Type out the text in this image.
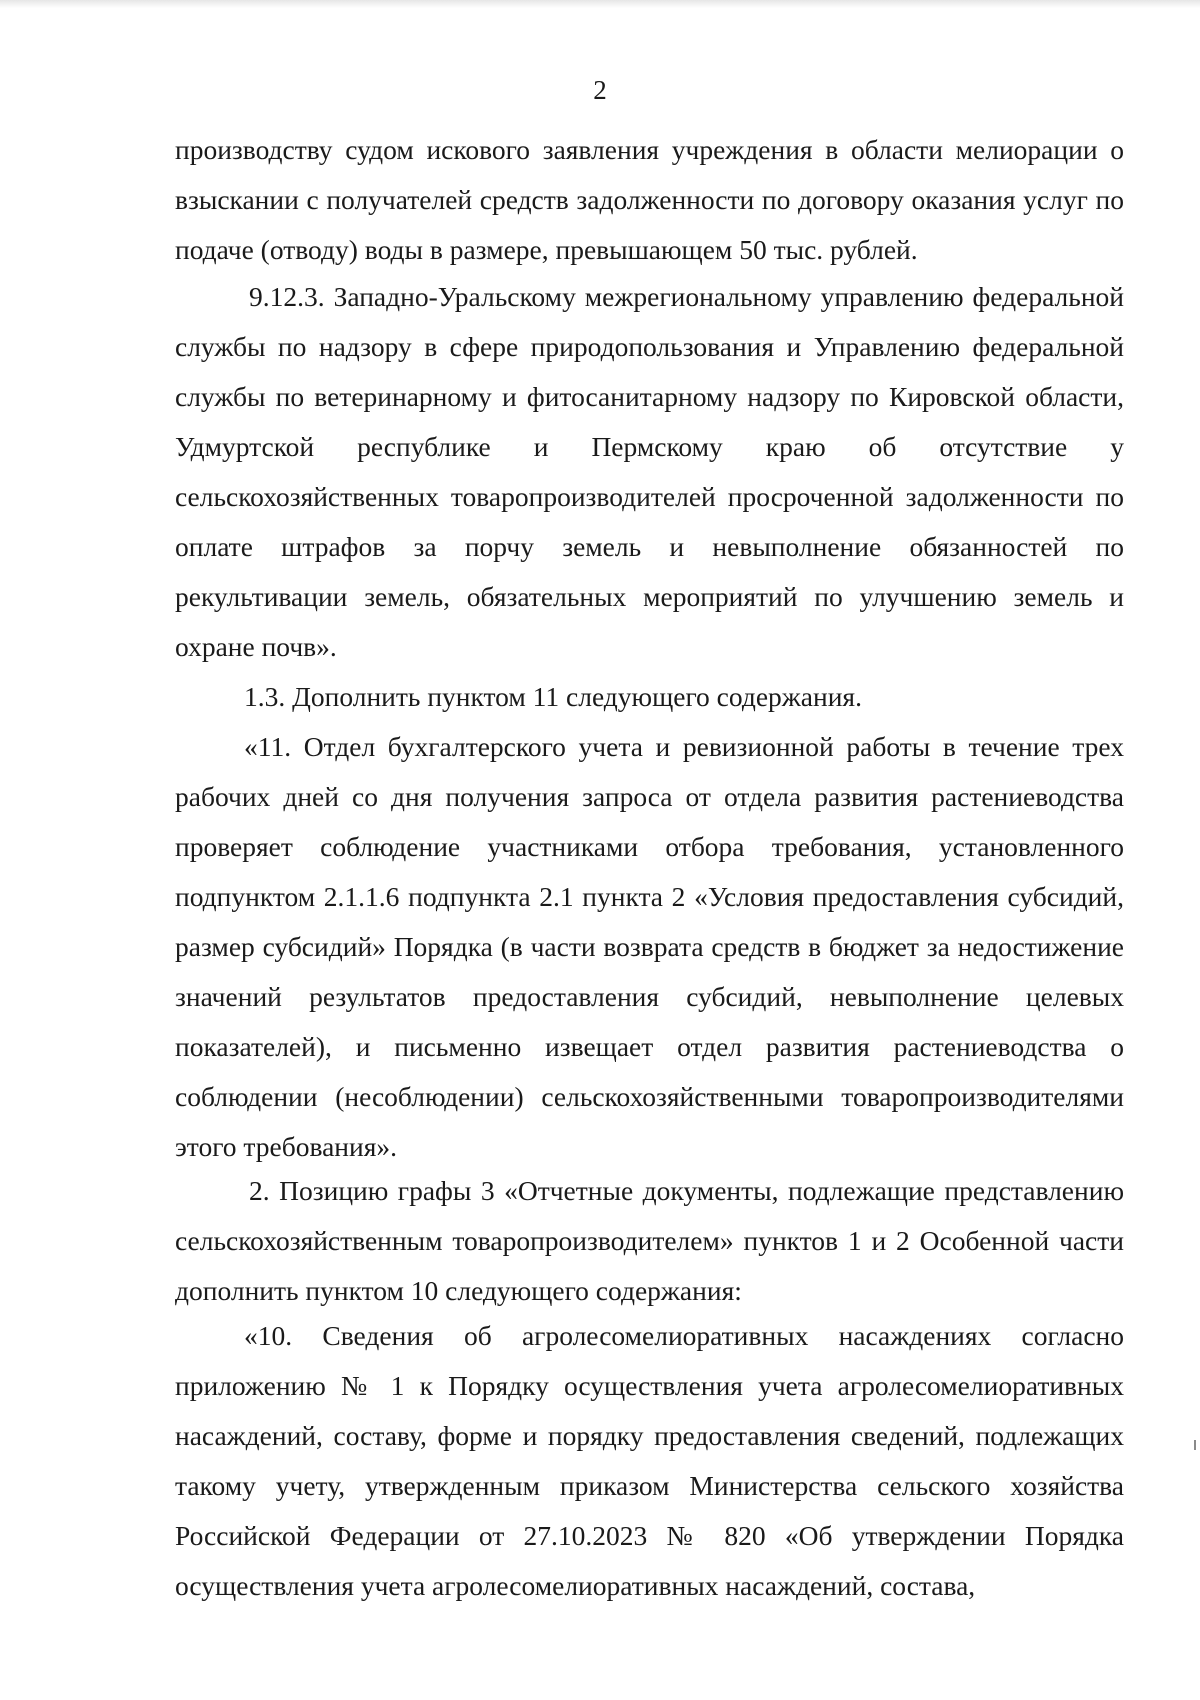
2

производству судом искового заявления учреждения в области мелиорации о взыскании с получателей средств задолженности по договору оказания услуг по подаче (отводу) воды в размере, превышающем 50 тыс. рублей.

9.12.3. Западно-Уральскому межрегиональному управлению федеральной службы по надзору в сфере природопользования и Управлению федеральной службы по ветеринарному и фитосанитарному надзору по Кировской области, Удмуртской республике и Пермскому краю об отсутствие у сельскохозяйственных товаропроизводителей просроченной задолженности по оплате штрафов за порчу земель и невыполнение обязанностей по рекультивации земель, обязательных мероприятий по улучшению земель и охране почв».

1.3. Дополнить пунктом 11 следующего содержания.

«11. Отдел бухгалтерского учета и ревизионной работы в течение трех рабочих дней со дня получения запроса от отдела развития растениеводства проверяет соблюдение участниками отбора требования, установленного подпунктом 2.1.1.6 подпункта 2.1 пункта 2 «Условия предоставления субсидий, размер субсидий» Порядка (в части возврата средств в бюджет за недостижение значений результатов предоставления субсидий, невыполнение целевых показателей), и письменно извещает отдел развития растениеводства о соблюдении (несоблюдении) сельскохозяйственными товаропроизводителями этого требования».

2. Позицию графы 3 «Отчетные документы, подлежащие представлению сельскохозяйственным товаропроизводителем» пунктов 1 и 2 Особенной части дополнить пунктом 10 следующего содержания:

«10. Сведения об агролесомелиоративных насаждениях согласно приложению № 1 к Порядку осуществления учета агролесомелиоративных насаждений, составу, форме и порядку предоставления сведений, подлежащих такому учету, утвержденным приказом Министерства сельского хозяйства Российской Федерации от 27.10.2023 № 820 «Об утверждении Порядка осуществления учета агролесомелиоративных насаждений, состава,
